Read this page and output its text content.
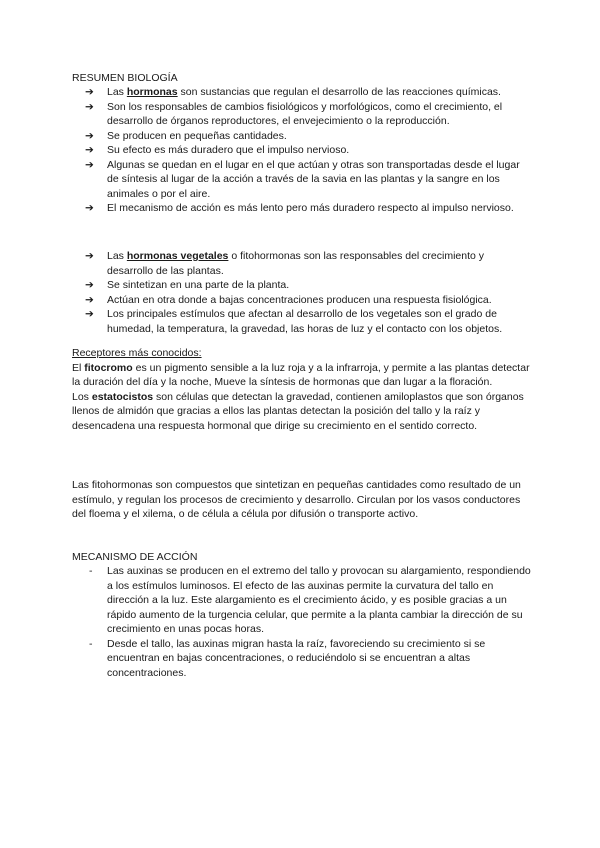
RESUMEN BIOLOGÍA
➔ Las hormonas son sustancias que regulan el desarrollo de las reacciones químicas.
➔ Son los responsables de cambios fisiológicos y morfológicos, como el crecimiento, el desarrollo de órganos reproductores, el envejecimiento o la reproducción.
➔ Se producen en pequeñas cantidades.
➔ Su efecto es más duradero que el impulso nervioso.
➔ Algunas se quedan en el lugar en el que actúan y otras son transportadas desde el lugar de síntesis al lugar de la acción a través de la savia en las plantas y la sangre en los animales o por el aire.
➔ El mecanismo de acción es más lento pero más duradero respecto al impulso nervioso.
➔ Las hormonas vegetales o fitohormonas son las responsables del crecimiento y desarrollo de las plantas.
➔ Se sintetizan en una parte de la planta.
➔ Actúan en otra donde a bajas concentraciones producen una respuesta fisiológica.
➔ Los principales estímulos que afectan al desarrollo de los vegetales son el grado de humedad, la temperatura, la gravedad, las horas de luz y el contacto con los objetos.

Receptores más conocidos:

El fitocromo es un pigmento sensible a la luz roja y a la infrarroja, y permite a las plantas detectar la duración del día y la noche, Mueve la síntesis de hormonas que dan lugar a la floración.

Los estatocistos son células que detectan la gravedad, contienen amiloplastos que son órganos llenos de almidón que gracias a ellos las plantas detectan la posición del tallo y la raíz y desencadena una respuesta hormonal que dirige su crecimiento en el sentido correcto.

Las fitohormonas son compuestos que sintetizan en pequeñas cantidades como resultado de un estímulo, y regulan los procesos de crecimiento y desarrollo. Circulan por los vasos conductores del floema y el xilema, o de célula a célula por difusión o transporte activo.

MECANISMO DE ACCIÓN
- Las auxinas se producen en el extremo del tallo y provocan su alargamiento, respondiendo a los estímulos luminosos. El efecto de las auxinas permite la curvatura del tallo en dirección a la luz. Este alargamiento es el crecimiento ácido, y es posible gracias a un rápido aumento de la turgencia celular, que permite a la planta cambiar la dirección de su crecimiento en unas pocas horas.
- Desde el tallo, las auxinas migran hasta la raíz, favoreciendo su crecimiento si se encuentran en bajas concentraciones, o reduciéndolo si se encuentran a altas concentraciones.
